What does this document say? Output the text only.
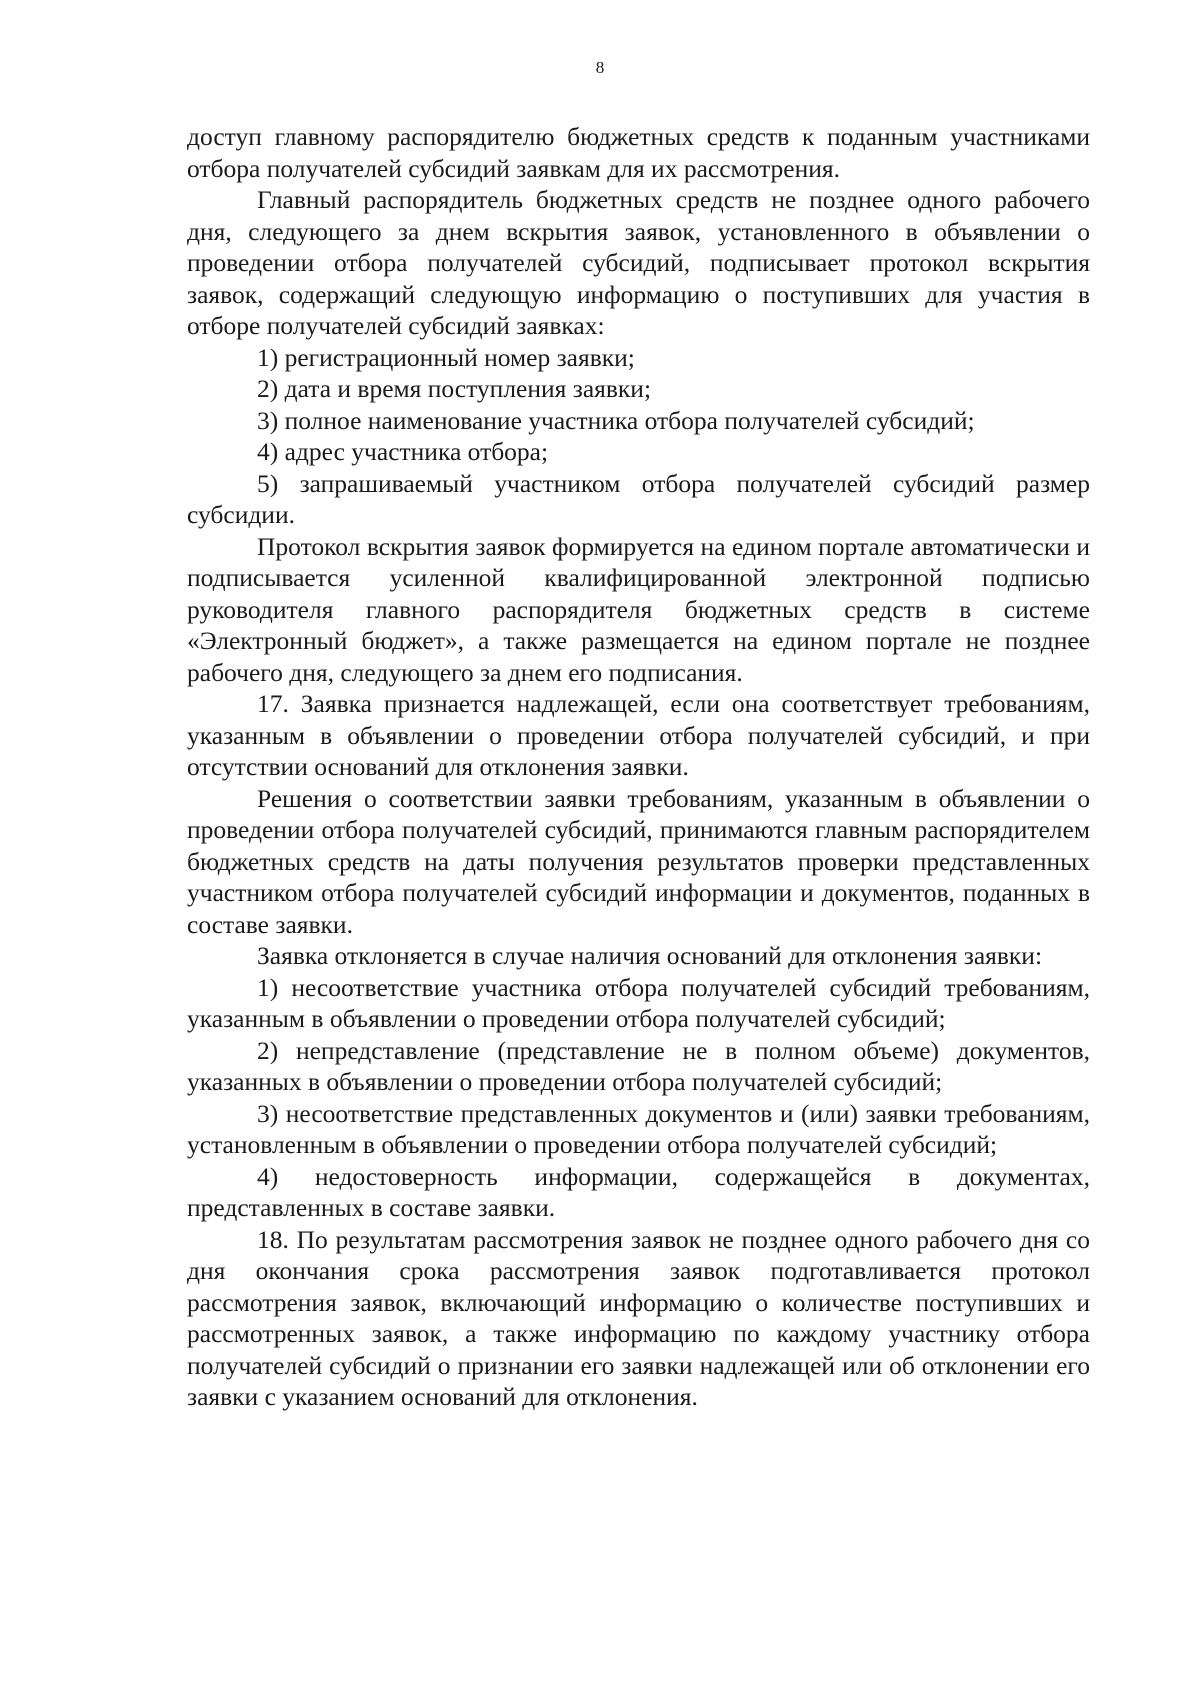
8

доступ главному распорядителю бюджетных средств к поданным участниками отбора получателей субсидий заявкам для их рассмотрения.

Главный распорядитель бюджетных средств не позднее одного рабочего дня, следующего за днем вскрытия заявок, установленного в объявлении о проведении отбора получателей субсидий, подписывает протокол вскрытия заявок, содержащий следующую информацию о поступивших для участия в отборе получателей субсидий заявках:

1) регистрационный номер заявки;

2) дата и время поступления заявки;

3) полное наименование участника отбора получателей субсидий;

4) адрес участника отбора;

5) запрашиваемый участником отбора получателей субсидий размер субсидии.

Протокол вскрытия заявок формируется на едином портале автоматически и подписывается усиленной квалифицированной электронной подписью руководителя главного распорядителя бюджетных средств в системе «Электронный бюджет», а также размещается на едином портале не позднее рабочего дня, следующего за днем его подписания.

17. Заявка признается надлежащей, если она соответствует требованиям, указанным в объявлении о проведении отбора получателей субсидий, и при отсутствии оснований для отклонения заявки.

Решения о соответствии заявки требованиям, указанным в объявлении о проведении отбора получателей субсидий, принимаются главным распорядителем бюджетных средств на даты получения результатов проверки представленных участником отбора получателей субсидий информации и документов, поданных в составе заявки.

Заявка отклоняется в случае наличия оснований для отклонения заявки:

1) несоответствие участника отбора получателей субсидий требованиям, указанным в объявлении о проведении отбора получателей субсидий;

2) непредставление (представление не в полном объеме) документов, указанных в объявлении о проведении отбора получателей субсидий;

3) несоответствие представленных документов и (или) заявки требованиям, установленным в объявлении о проведении отбора получателей субсидий;

4) недостоверность информации, содержащейся в документах, представленных в составе заявки.

18. По результатам рассмотрения заявок не позднее одного рабочего дня со дня окончания срока рассмотрения заявок подготавливается протокол рассмотрения заявок, включающий информацию о количестве поступивших и рассмотренных заявок, а также информацию по каждому участнику отбора получателей субсидий о признании его заявки надлежащей или об отклонении его заявки с указанием оснований для отклонения.
